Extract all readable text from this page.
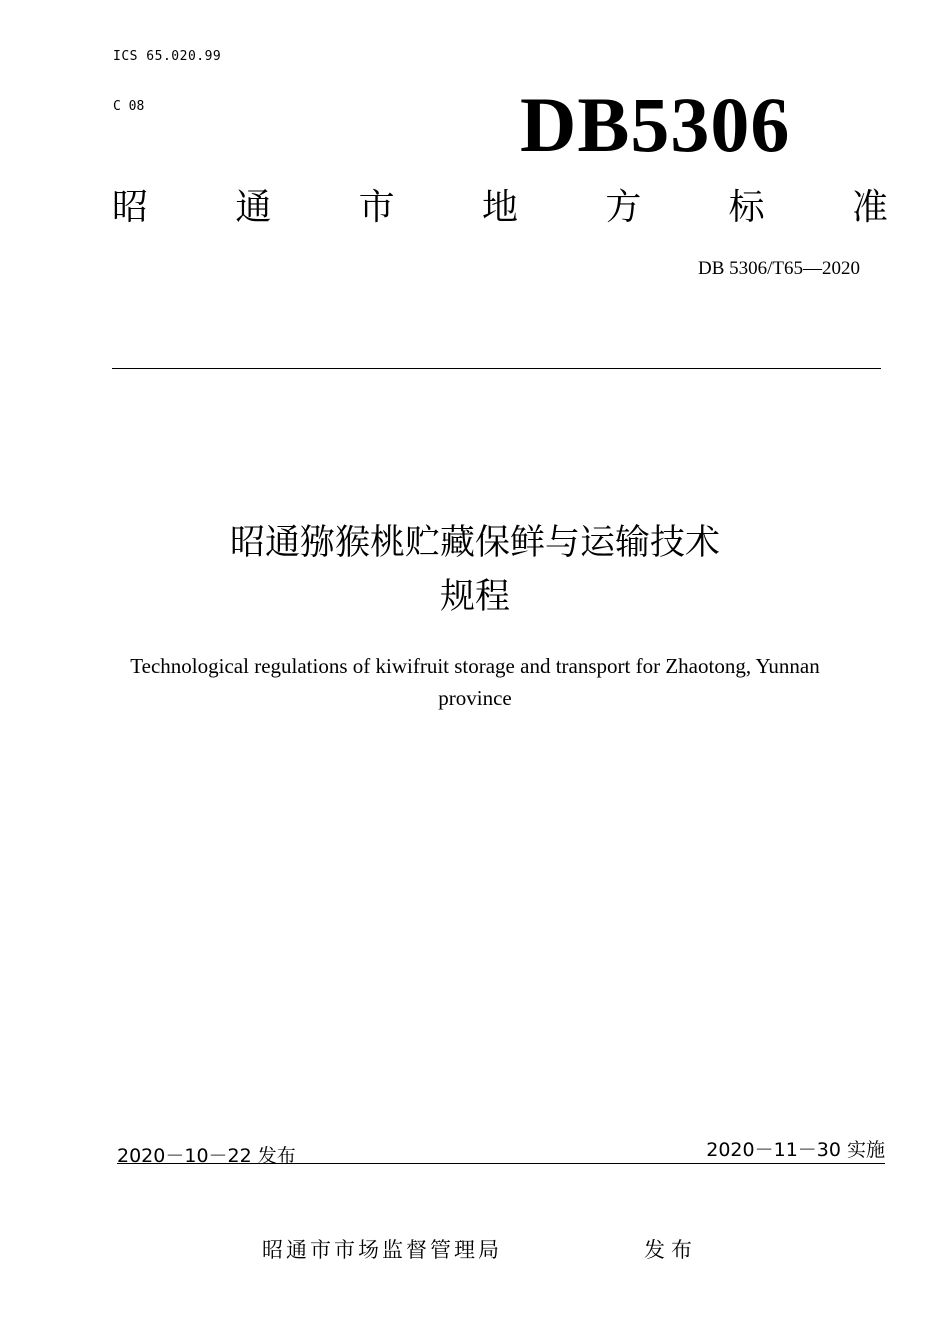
ICS 65.020.99
C 08	DB5306
昭 通 市 地 方 标 准
DB 5306/T65—2020
昭通猕猴桃贮藏保鲜与运输技术
规程
Technological regulations of kiwifruit storage and transport for Zhaotong, Yunnan
province
2020－10－22 发布	2020－11－30 实施
昭通市市场监督管理局	发布
